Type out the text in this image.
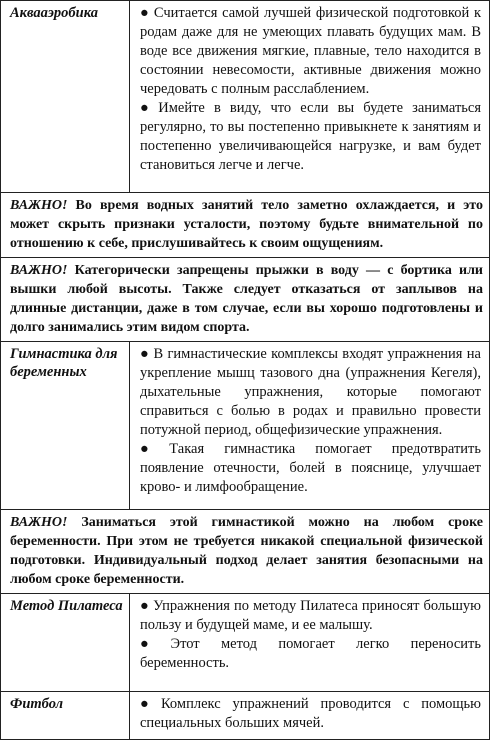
Аквааэробика	● Считается самой лучшей физической подготовкой к родам даже для не умеющих плавать будущих мам. В воде все движения мягкие, плавные, тело находится в состоянии невесомости, активные движения можно чередовать с полным расслаблением.

● Имейте в виду, что если вы будете заниматься регулярно, то вы постепенно привыкнете к занятиям и постепенно увеличивающейся нагрузке, и вам будет становиться легче и легче.

ВАЖНО! Во время водных занятий тело заметно охлаждается, и это может скрыть признаки усталости, поэтому будьте внимательной по отношению к себе, прислушивайтесь к своим ощущениям.	

ВАЖНО! Категорически запрещены прыжки в воду — с бортика или вышки любой высоты. Также следует отказаться от заплывов на длинные дистанции, даже в том случае, если вы хорошо подготовлены и долго занимались этим видом спорта.	

Гимнастика для беременных	● В гимнастические комплексы входят упражнения на укрепление мышц тазового дна (упражнения Кегеля), дыхательные упражнения, которые помогают справиться с болью в родах и правильно провести потужной период, общефизические упражнения.

● Такая гимнастика помогает предотвратить появление отечности, болей в пояснице, улучшает крово- и лимфообращение.

ВАЖНО! Заниматься этой гимнастикой можно на любом сроке беременности. При этом не требуется никакой специальной физической подготовки. Индивидуальный подход делает занятия безопасными на любом сроке беременности.	

Метод Пилатеса	● Упражнения по методу Пилатеса приносят большую пользу и будущей маме, и ее малышу.

● Этот метод помогает легко переносить беременность.

Фитбол	● Комплекс упражнений проводится с помощью специальных больших мячей.
